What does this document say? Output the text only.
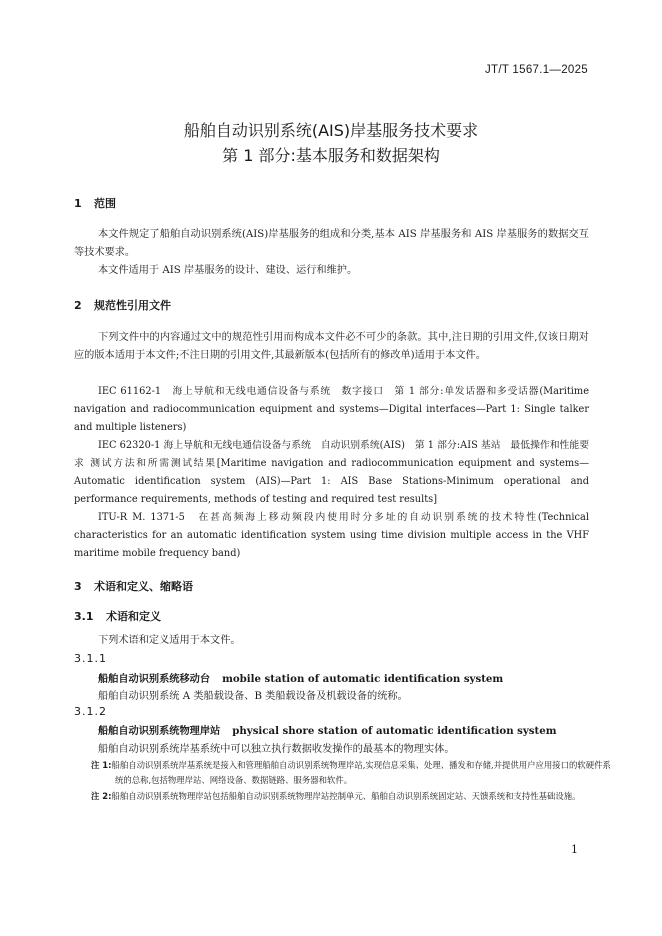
JT/T 1567.1—2025
船舶自动识别系统(AIS)岸基服务技术要求
第 1 部分:基本服务和数据架构
1 范围
本文件规定了船舶自动识别系统(AIS)岸基服务的组成和分类,基本 AIS 岸基服务和 AIS 岸基服务的数据交互等技术要求。
本文件适用于 AIS 岸基服务的设计、建设、运行和维护。
2 规范性引用文件
下列文件中的内容通过文中的规范性引用而构成本文件必不可少的条款。其中,注日期的引用文件,仅该日期对应的版本适用于本文件;不注日期的引用文件,其最新版本(包括所有的修改单)适用于本文件。
IEC 61162-1　海上导航和无线电通信设备与系统　数字接口　第 1 部分:单发话器和多受话器(Maritime navigation and radiocommunication equipment and systems—Digital interfaces—Part 1: Single talker and multiple listeners)
IEC 62320-1 海上导航和无线电通信设备与系统　自动识别系统(AIS)　第 1 部分:AIS 基站　最低操作和性能要求 测试方法和所需测试结果[Maritime navigation and radiocommunication equipment and systems—Automatic identification system (AIS)—Part 1: AIS Base Stations-Minimum operational and performance requirements, methods of testing and required test results]
ITU-R M. 1371-5　在甚高频海上移动频段内使用时分多址的自动识别系统的技术特性(Technical characteristics for an automatic identification system using time division multiple access in the VHF maritime mobile frequency band)
3 术语和定义、缩略语
3.1 术语和定义
下列术语和定义适用于本文件。
3.1.1
船舶自动识别系统移动台 mobile station of automatic identification system
船舶自动识别系统 A 类船载设备、B 类船载设备及机载设备的统称。
3.1.2
船舶自动识别系统物理岸站 physical shore station of automatic identification system
船舶自动识别系统岸基系统中可以独立执行数据收发操作的最基本的物理实体。
注 1:船舶自动识别系统岸基系统是接入和管理船舶自动识别系统物理岸站,实现信息采集、处理、播发和存储,并提供用户应用接口的软硬件系统的总称,包括物理岸站、网络设备、数据链路、服务器和软件。
注 2:船舶自动识别系统物理岸站包括船舶自动识别系统物理岸站控制单元、船舶自动识别系统固定站、天馈系统和支持性基础设施。
1
